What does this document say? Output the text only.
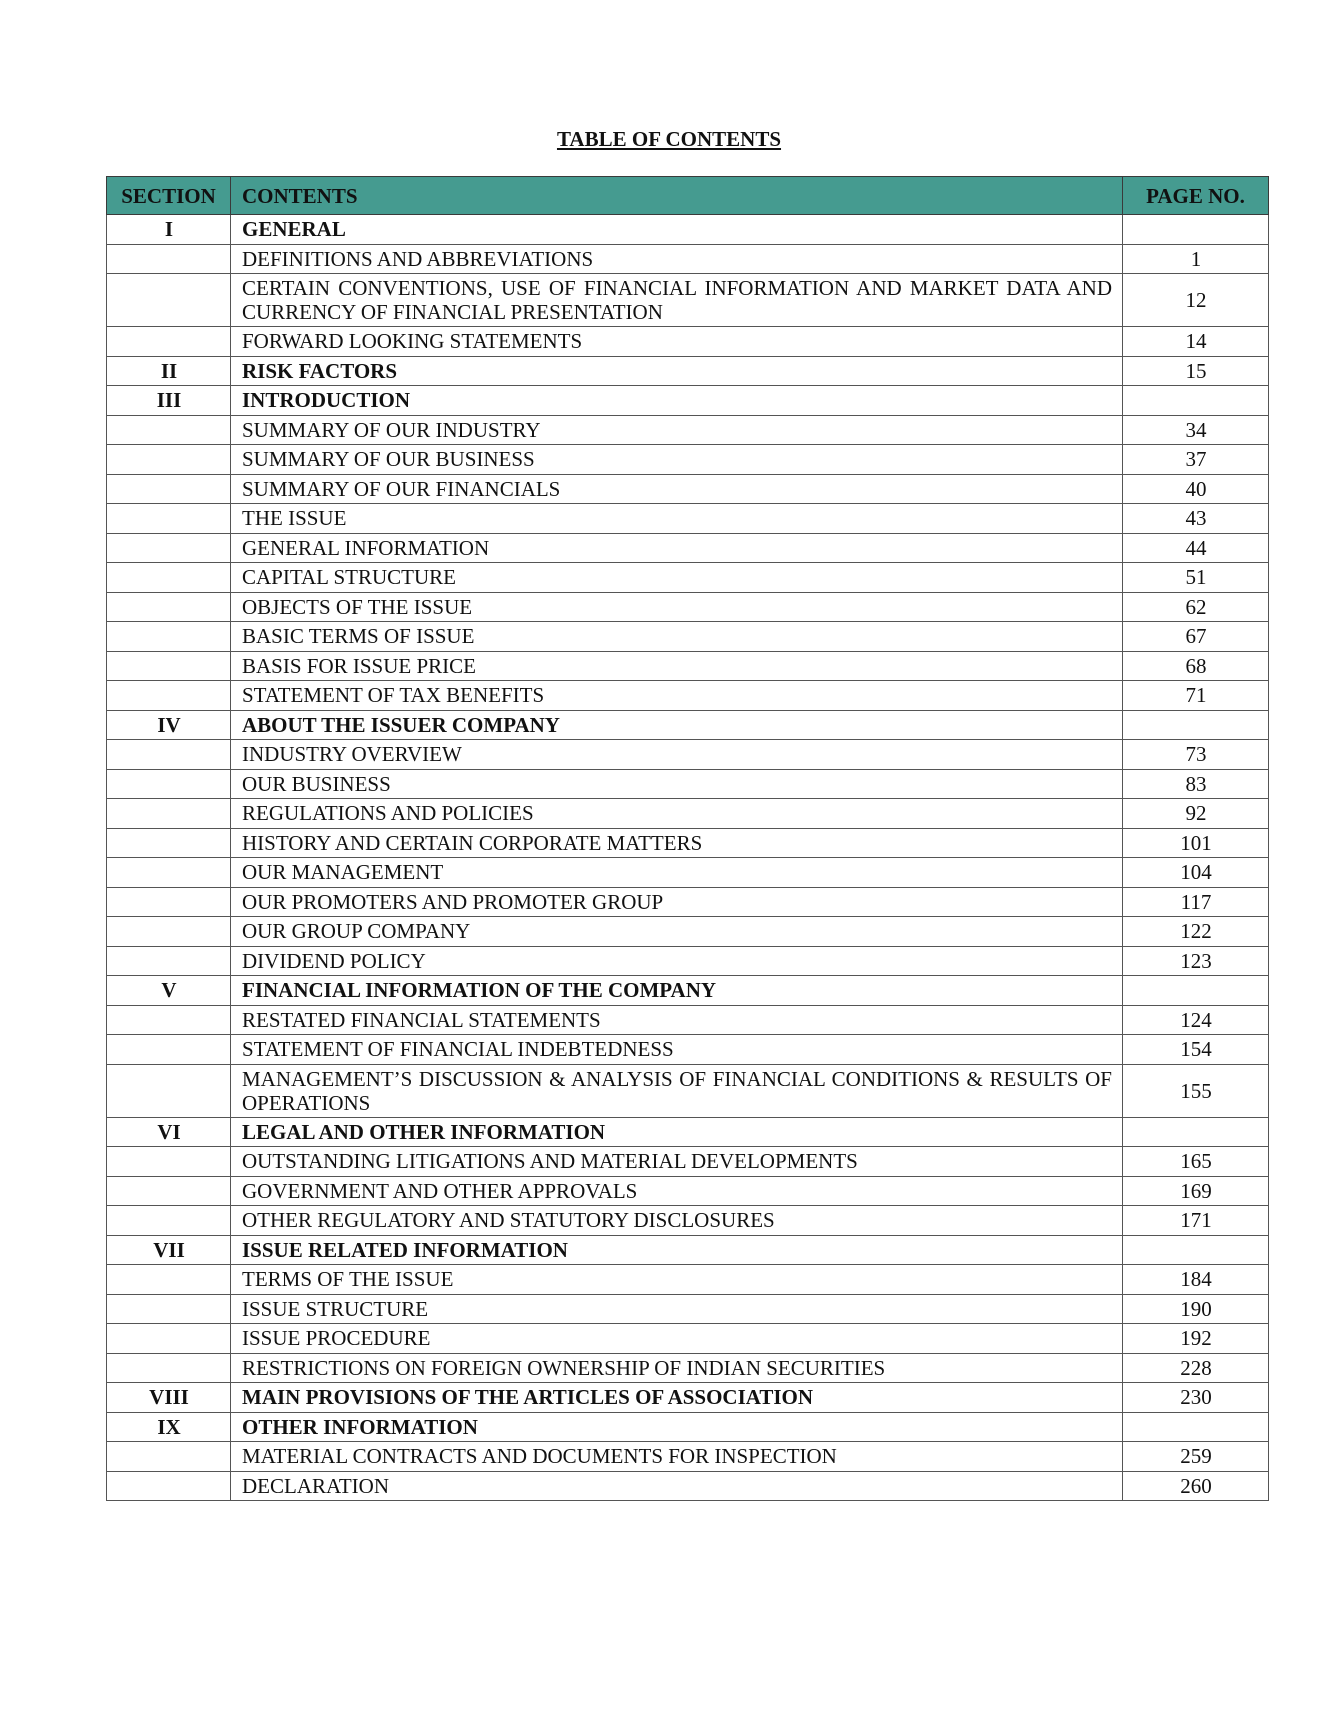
TABLE OF CONTENTS
SECTION	CONTENTS	PAGE NO.
I	GENERAL	
	DEFINITIONS AND ABBREVIATIONS	1
	CERTAIN CONVENTIONS, USE OF FINANCIAL INFORMATION AND MARKET DATA AND CURRENCY OF FINANCIAL PRESENTATION	12
	FORWARD LOOKING STATEMENTS	14
II	RISK FACTORS	15
III	INTRODUCTION	
	SUMMARY OF OUR INDUSTRY	34
	SUMMARY OF OUR BUSINESS	37
	SUMMARY OF OUR FINANCIALS	40
	THE ISSUE	43
	GENERAL INFORMATION	44
	CAPITAL STRUCTURE	51
	OBJECTS OF THE ISSUE	62
	BASIC TERMS OF ISSUE	67
	BASIS FOR ISSUE PRICE	68
	STATEMENT OF TAX BENEFITS	71
IV	ABOUT THE ISSUER COMPANY	
	INDUSTRY OVERVIEW	73
	OUR BUSINESS	83
	REGULATIONS AND POLICIES	92
	HISTORY AND CERTAIN CORPORATE MATTERS	101
	OUR MANAGEMENT	104
	OUR PROMOTERS AND PROMOTER GROUP	117
	OUR GROUP COMPANY	122
	DIVIDEND POLICY	123
V	FINANCIAL INFORMATION OF THE COMPANY	
	RESTATED FINANCIAL STATEMENTS	124
	STATEMENT OF FINANCIAL INDEBTEDNESS	154
	MANAGEMENT’S DISCUSSION & ANALYSIS OF FINANCIAL CONDITIONS & RESULTS OF OPERATIONS	155
VI	LEGAL AND OTHER INFORMATION	
	OUTSTANDING LITIGATIONS AND MATERIAL DEVELOPMENTS	165
	GOVERNMENT AND OTHER APPROVALS	169
	OTHER REGULATORY AND STATUTORY DISCLOSURES	171
VII	ISSUE RELATED INFORMATION	
	TERMS OF THE ISSUE	184
	ISSUE STRUCTURE	190
	ISSUE PROCEDURE	192
	RESTRICTIONS ON FOREIGN OWNERSHIP OF INDIAN SECURITIES	228
VIII	MAIN PROVISIONS OF THE ARTICLES OF ASSOCIATION	230
IX	OTHER INFORMATION	
	MATERIAL CONTRACTS AND DOCUMENTS FOR INSPECTION	259
	DECLARATION	260
